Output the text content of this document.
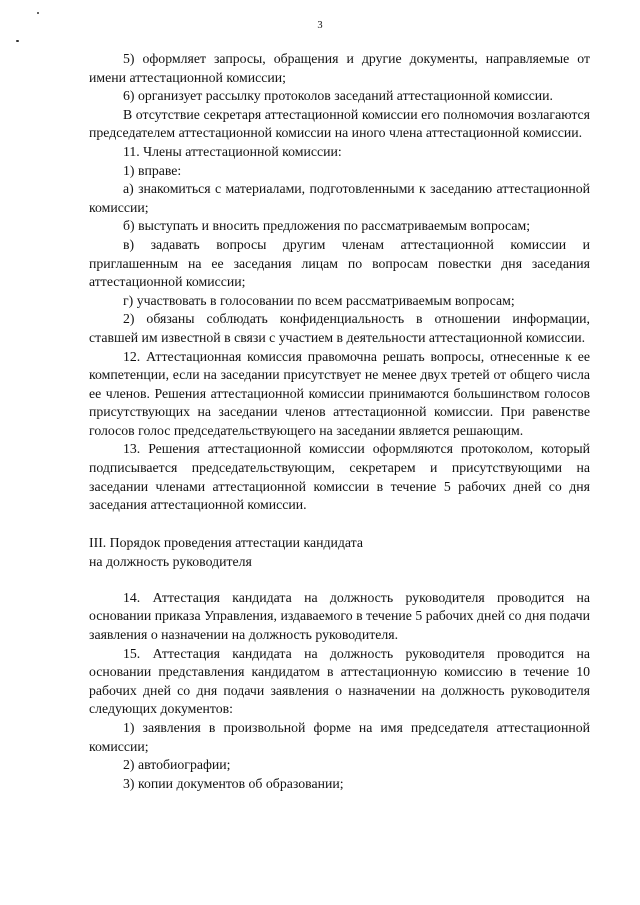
3

5) оформляет запросы, обращения и другие документы, направляемые от имени аттестационной комиссии;

6) организует рассылку протоколов заседаний аттестационной комиссии.

В отсутствие секретаря аттестационной комиссии его полномочия возлагаются председателем аттестационной комиссии на иного члена аттестационной комиссии.

11. Члены аттестационной комиссии:

1) вправе:

а) знакомиться с материалами, подготовленными к заседанию аттестационной комиссии;

б) выступать и вносить предложения по рассматриваемым вопросам;

в) задавать вопросы другим членам аттестационной комиссии и приглашенным на ее заседания лицам по вопросам повестки дня заседания аттестационной комиссии;

г) участвовать в голосовании по всем рассматриваемым вопросам;

2) обязаны соблюдать конфиденциальность в отношении информации, ставшей им известной в связи с участием в деятельности аттестационной комиссии.

12. Аттестационная комиссия правомочна решать вопросы, отнесенные к ее компетенции, если на заседании присутствует не менее двух третей от общего числа ее членов. Решения аттестационной комиссии принимаются большинством голосов присутствующих на заседании членов аттестационной комиссии. При равенстве голосов голос председательствующего на заседании является решающим.

13. Решения аттестационной комиссии оформляются протоколом, который подписывается председательствующим, секретарем и присутствующими на заседании членами аттестационной комиссии в течение 5 рабочих дней со дня заседания аттестационной комиссии.

III. Порядок проведения аттестации кандидата
на должность руководителя

14. Аттестация кандидата на должность руководителя проводится на основании приказа Управления, издаваемого в течение 5 рабочих дней со дня подачи заявления о назначении на должность руководителя.

15. Аттестация кандидата на должность руководителя проводится на основании представления кандидатом в аттестационную комиссию в течение 10 рабочих дней со дня подачи заявления о назначении на должность руководителя следующих документов:

1) заявления в произвольной форме на имя председателя аттестационной комиссии;

2) автобиографии;

3) копии документов об образовании;
